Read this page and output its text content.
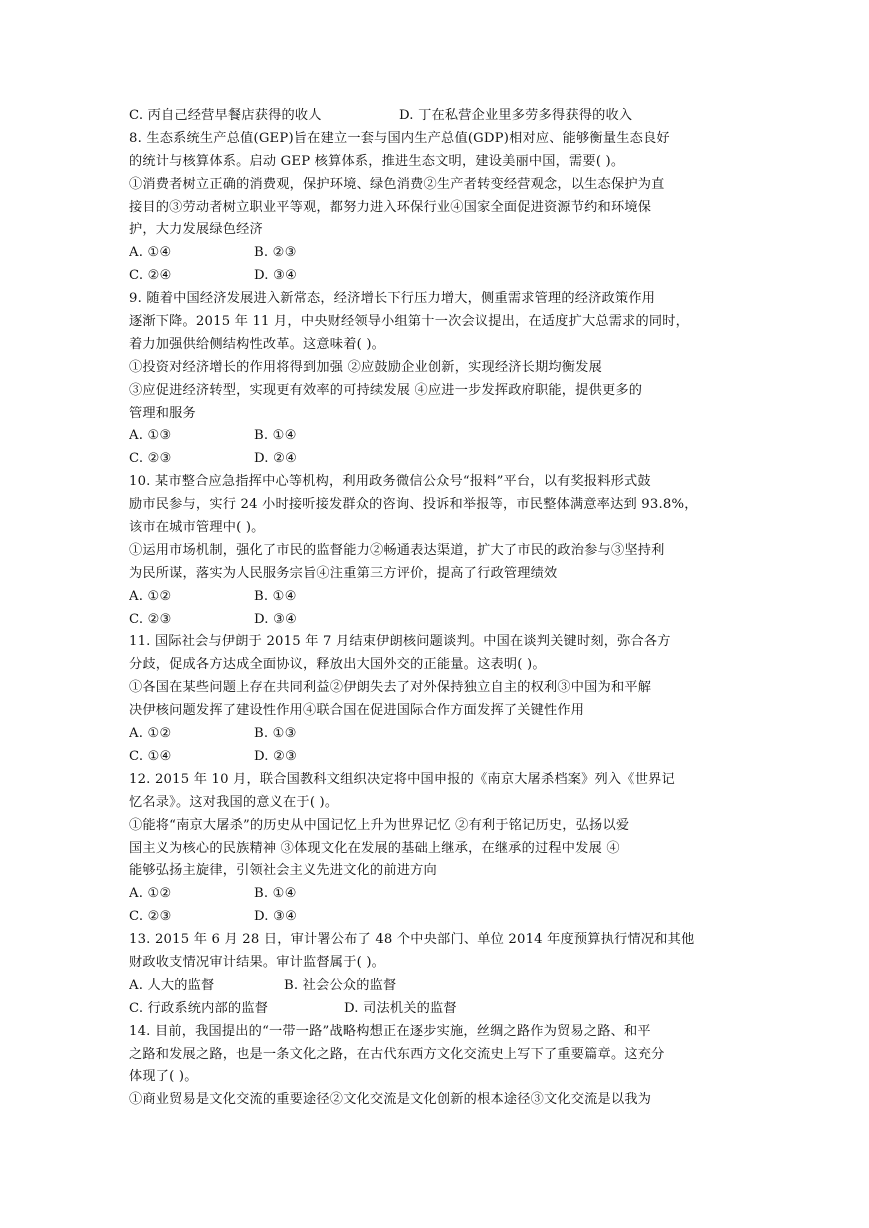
C. 丙自己经营早餐店获得的收人	D. 丁在私营企业里多劳多得获得的收入
8. 生态系统生产总值(GEP)旨在建立一套与国内生产总值(GDP)相对应、能够衡量生态良好
的统计与核算体系。启动 GEP 核算体系，推进生态文明，建设美丽中国，需要( )。
①消费者树立正确的消费观，保护环境、绿色消费②生产者转变经营观念，以生态保护为直
接目的③劳动者树立职业平等观，都努力进入环保行业④国家全面促进资源节约和环境保
护，大力发展绿色经济
A. ①④	B. ②③
C. ②④	D. ③④
9. 随着中国经济发展进入新常态，经济增长下行压力增大，侧重需求管理的经济政策作用
逐渐下降。2015 年 11 月，中央财经领导小组第十一次会议提出，在适度扩大总需求的同时，
着力加强供给侧结构性改革。这意味着( )。
①投资对经济增长的作用将得到加强 ②应鼓励企业创新，实现经济长期均衡发展
③应促进经济转型，实现更有效率的可持续发展 ④应进一步发挥政府职能，提供更多的
管理和服务
A. ①③	B. ①④
C. ②③	D. ②④
10. 某市整合应急指挥中心等机构，利用政务微信公众号“报料”平台，以有奖报料形式鼓
励市民参与，实行 24 小时接听接发群众的咨询、投诉和举报等，市民整体满意率达到 93.8%，
该市在城市管理中( )。
①运用市场机制，强化了市民的监督能力②畅通表达渠道，扩大了市民的政治参与③坚持利
为民所谋，落实为人民服务宗旨④注重第三方评价，提高了行政管理绩效
A. ①②	B. ①④
C. ②③	D. ③④
11. 国际社会与伊朗于 2015 年 7 月结束伊朗核问题谈判。中国在谈判关键时刻，弥合各方
分歧，促成各方达成全面协议，释放出大国外交的正能量。这表明( )。
①各国在某些问题上存在共同利益②伊朗失去了对外保持独立自主的权利③中国为和平解
决伊核问题发挥了建设性作用④联合国在促进国际合作方面发挥了关键性作用
A. ①②	B. ①③
C. ①④	D. ②③
12. 2015 年 10 月，联合国教科文组织决定将中国申报的《南京大屠杀档案》列入《世界记
忆名录》。这对我国的意义在于( )。
①能将“南京大屠杀”的历史从中国记忆上升为世界记忆 ②有利于铭记历史，弘扬以爱
国主义为核心的民族精神 ③体现文化在发展的基础上继承，在继承的过程中发展 ④
能够弘扬主旋律，引领社会主义先进文化的前进方向
A. ①②	B. ①④
C. ②③	D. ③④
13. 2015 年 6 月 28 日，审计署公布了 48 个中央部门、单位 2014 年度预算执行情况和其他
财政收支情况审计结果。审计监督属于( )。
A. 人大的监督	B. 社会公众的监督
C. 行政系统内部的监督	D. 司法机关的监督
14. 目前，我国提出的“一带一路”战略构想正在逐步实施，丝绸之路作为贸易之路、和平
之路和发展之路，也是一条文化之路，在古代东西方文化交流史上写下了重要篇章。这充分
体现了( )。
①商业贸易是文化交流的重要途径②文化交流是文化创新的根本途径③文化交流是以我为
